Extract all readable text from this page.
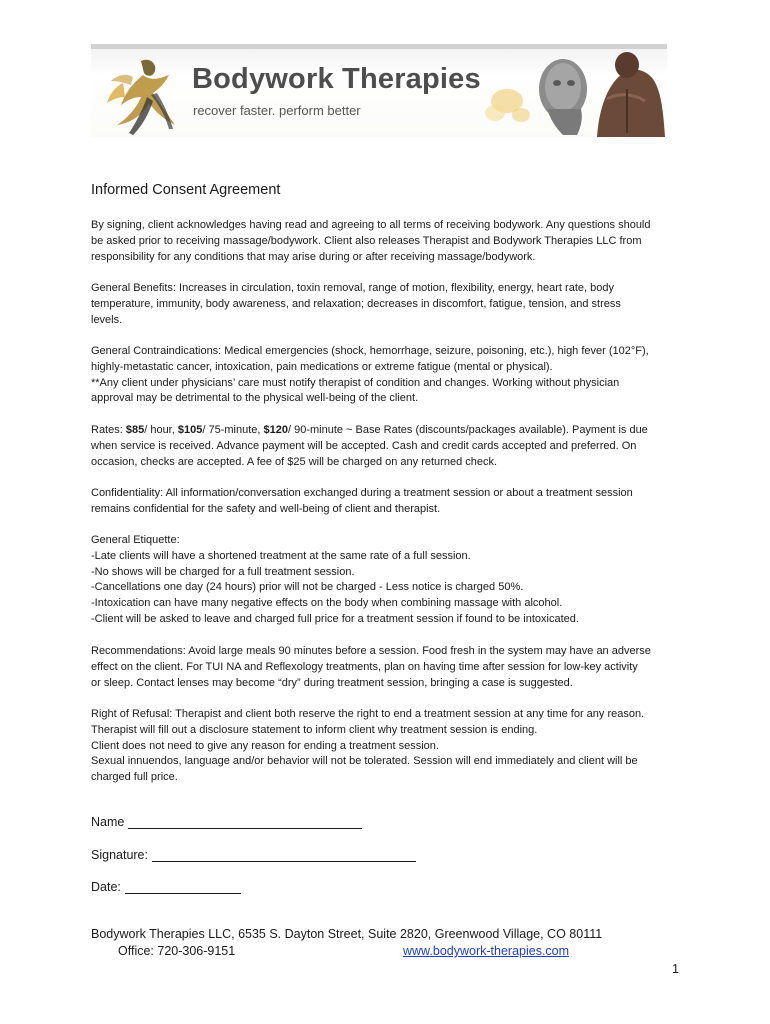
Bodywork Therapies
recover faster. perform better
Informed Consent Agreement
By signing, client acknowledges having read and agreeing to all terms of receiving bodywork. Any questions should
be asked prior to receiving massage/bodywork. Client also releases Therapist and Bodywork Therapies LLC from
responsibility for any conditions that may arise during or after receiving massage/bodywork.
General Benefits: Increases in circulation, toxin removal, range of motion, flexibility, energy, heart rate, body
temperature, immunity, body awareness, and relaxation; decreases in discomfort, fatigue, tension, and stress
levels.
General Contraindications: Medical emergencies (shock, hemorrhage, seizure, poisoning, etc.), high fever (102°F),
highly-metastatic cancer, intoxication, pain medications or extreme fatigue (mental or physical).
**Any client under physicians’ care must notify therapist of condition and changes. Working without physician
approval may be detrimental to the physical well-being of the client.
Rates: $85/ hour, $105/ 75-minute, $120/ 90-minute ~ Base Rates (discounts/packages available). Payment is due
when service is received. Advance payment will be accepted. Cash and credit cards accepted and preferred. On
occasion, checks are accepted. A fee of $25 will be charged on any returned check.
Confidentiality: All information/conversation exchanged during a treatment session or about a treatment session
remains confidential for the safety and well-being of client and therapist.
General Etiquette:
-Late clients will have a shortened treatment at the same rate of a full session.
-No shows will be charged for a full treatment session.
-Cancellations one day (24 hours) prior will not be charged - Less notice is charged 50%.
-Intoxication can have many negative effects on the body when combining massage with alcohol.
-Client will be asked to leave and charged full price for a treatment session if found to be intoxicated.
Recommendations: Avoid large meals 90 minutes before a session. Food fresh in the system may have an adverse
effect on the client. For TUI NA and Reflexology treatments, plan on having time after session for low-key activity
or sleep. Contact lenses may become “dry” during treatment session, bringing a case is suggested.
Right of Refusal: Therapist and client both reserve the right to end a treatment session at any time for any reason.
Therapist will fill out a disclosure statement to inform client why treatment session is ending.
Client does not need to give any reason for ending a treatment session.
Sexual innuendos, language and/or behavior will not be tolerated. Session will end immediately and client will be
charged full price.
Name
Signature:
Date:
Bodywork Therapies LLC, 6535 S. Dayton Street, Suite 2820, Greenwood Village, CO 80111
Office: 720-306-9151	www.bodywork-therapies.com
1
